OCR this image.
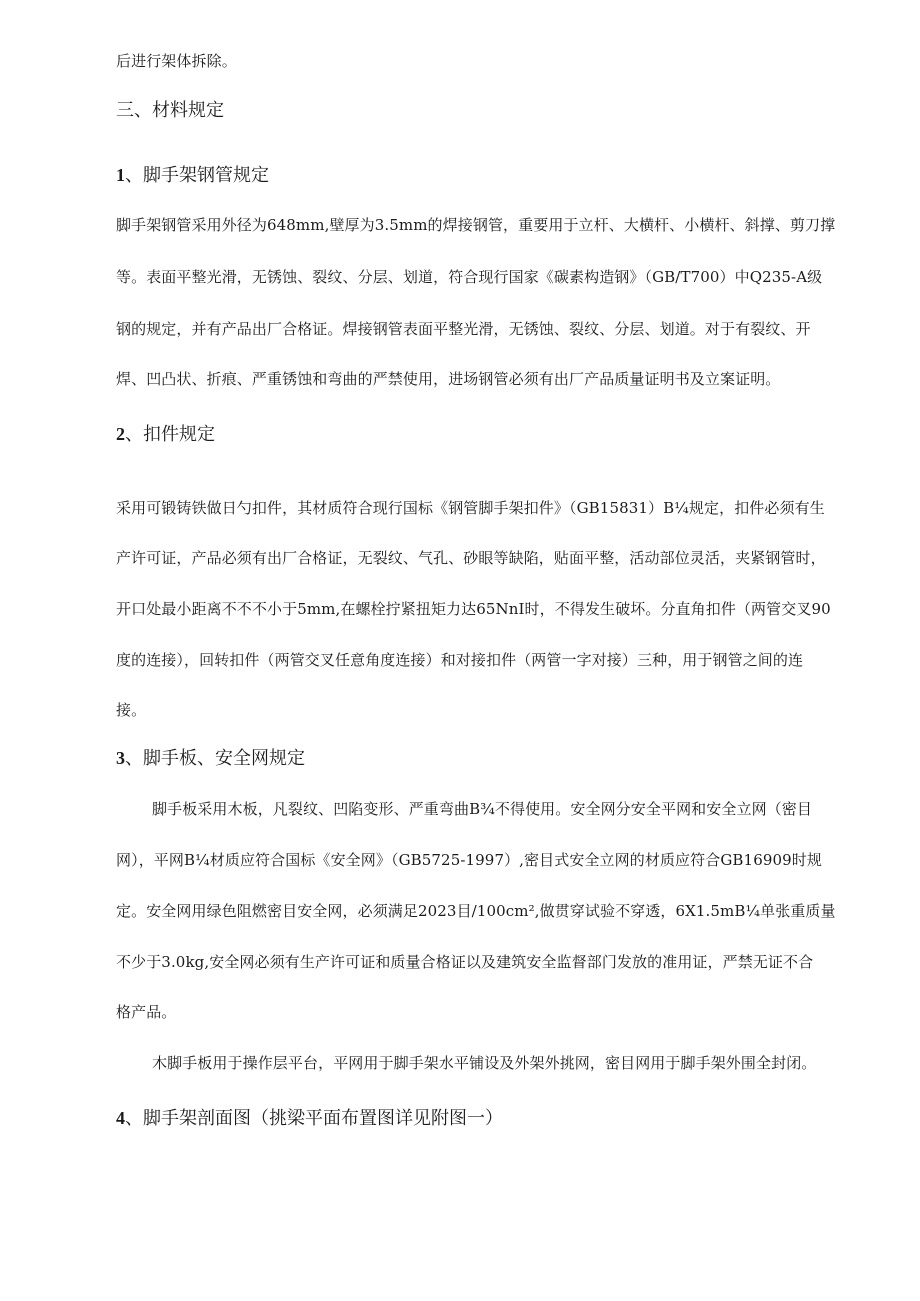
后进行架体拆除。
三、材料规定
1、脚手架钢管规定
脚手架钢管采用外径为648mm,壁厚为3.5mm的焊接钢管，重要用于立杆、大横杆、小横杆、斜撑、剪刀撑
等。表面平整光滑，无锈蚀、裂纹、分层、划道，符合现行国家《碳素构造钢》（GB/T700）中Q235-A级
钢的规定，并有产品出厂合格证。焊接钢管表面平整光滑，无锈蚀、裂纹、分层、划道。对于有裂纹、开
焊、凹凸状、折痕、严重锈蚀和弯曲的严禁使用，进场钢管必须有出厂产品质量证明书及立案证明。
2、扣件规定
采用可锻铸铁做日勺扣件，其材质符合现行国标《钢管脚手架扣件》（GB15831）B¼规定，扣件必须有生
产许可证，产品必须有出厂合格证，无裂纹、气孔、砂眼等缺陷，贴面平整，活动部位灵活，夹紧钢管时，
开口处最小距离不不不小于5mm,在螺栓拧紧扭矩力达65NnI时，不得发生破坏。分直角扣件（两管交叉90
度的连接），回转扣件（两管交叉任意角度连接）和对接扣件（两管一字对接）三种，用于钢管之间的连
接。
3、脚手板、安全网规定
脚手板采用木板，凡裂纹、凹陷变形、严重弯曲B¾不得使用。安全网分安全平网和安全立网（密目
网），平网B¼材质应符合国标《安全网》（GB5725-1997）,密目式安全立网的材质应符合GB16909时规
定。安全网用绿色阻燃密目安全网，必须满足2023目/100cm²,做贯穿试验不穿透，6X1.5mB¼单张重质量
不少于3.0kg,安全网必须有生产许可证和质量合格证以及建筑安全监督部门发放的准用证，严禁无证不合
格产品。
木脚手板用于操作层平台，平网用于脚手架水平铺设及外架外挑网，密目网用于脚手架外围全封闭。
4、脚手架剖面图（挑梁平面布置图详见附图一）
